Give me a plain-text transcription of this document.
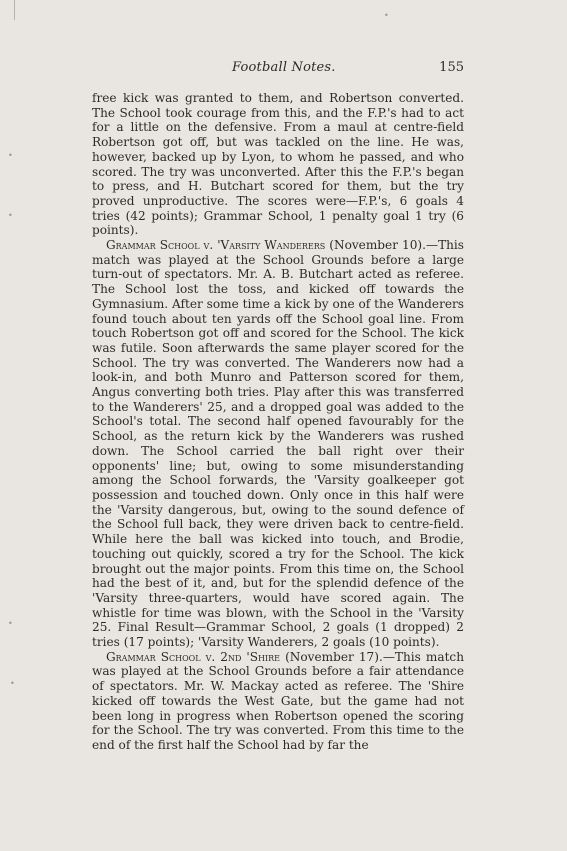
Football Notes.	155

free kick was granted to them, and Robertson converted. The School took courage from this, and the F.P.'s had to act for a little on the defensive. From a maul at centre-field Robertson got off, but was tackled on the line. He was, however, backed up by Lyon, to whom he passed, and who scored. The try was unconverted. After this the F.P.'s began to press, and H. Butchart scored for them, but the try proved unproductive. The scores were—F.P.'s, 6 goals 4 tries (42 points); Grammar School, 1 penalty goal 1 try (6 points).

Grammar School v. 'Varsity Wanderers (November 10).—This match was played at the School Grounds before a large turn-out of spectators. Mr. A. B. Butchart acted as referee. The School lost the toss, and kicked off towards the Gymnasium. After some time a kick by one of the Wanderers found touch about ten yards off the School goal line. From touch Robertson got off and scored for the School. The kick was futile. Soon afterwards the same player scored for the School. The try was converted. The Wanderers now had a look-in, and both Munro and Patterson scored for them, Angus converting both tries. Play after this was transferred to the Wanderers' 25, and a dropped goal was added to the School's total. The second half opened favourably for the School, as the return kick by the Wanderers was rushed down. The School carried the ball right over their opponents' line; but, owing to some misunderstanding among the School forwards, the 'Varsity goalkeeper got possession and touched down. Only once in this half were the 'Varsity dangerous, but, owing to the sound defence of the School full back, they were driven back to centre-field. While here the ball was kicked into touch, and Brodie, touching out quickly, scored a try for the School. The kick brought out the major points. From this time on, the School had the best of it, and, but for the splendid defence of the 'Varsity three-quarters, would have scored again. The whistle for time was blown, with the School in the 'Varsity 25. Final Result—Grammar School, 2 goals (1 dropped) 2 tries (17 points); 'Varsity Wanderers, 2 goals (10 points).

Grammar School v. 2nd 'Shire (November 17).—This match was played at the School Grounds before a fair attendance of spectators. Mr. W. Mackay acted as referee. The 'Shire kicked off towards the West Gate, but the game had not been long in progress when Robertson opened the scoring for the School. The try was converted. From this time to the end of the first half the School had by far the

•
•
•
•
•
